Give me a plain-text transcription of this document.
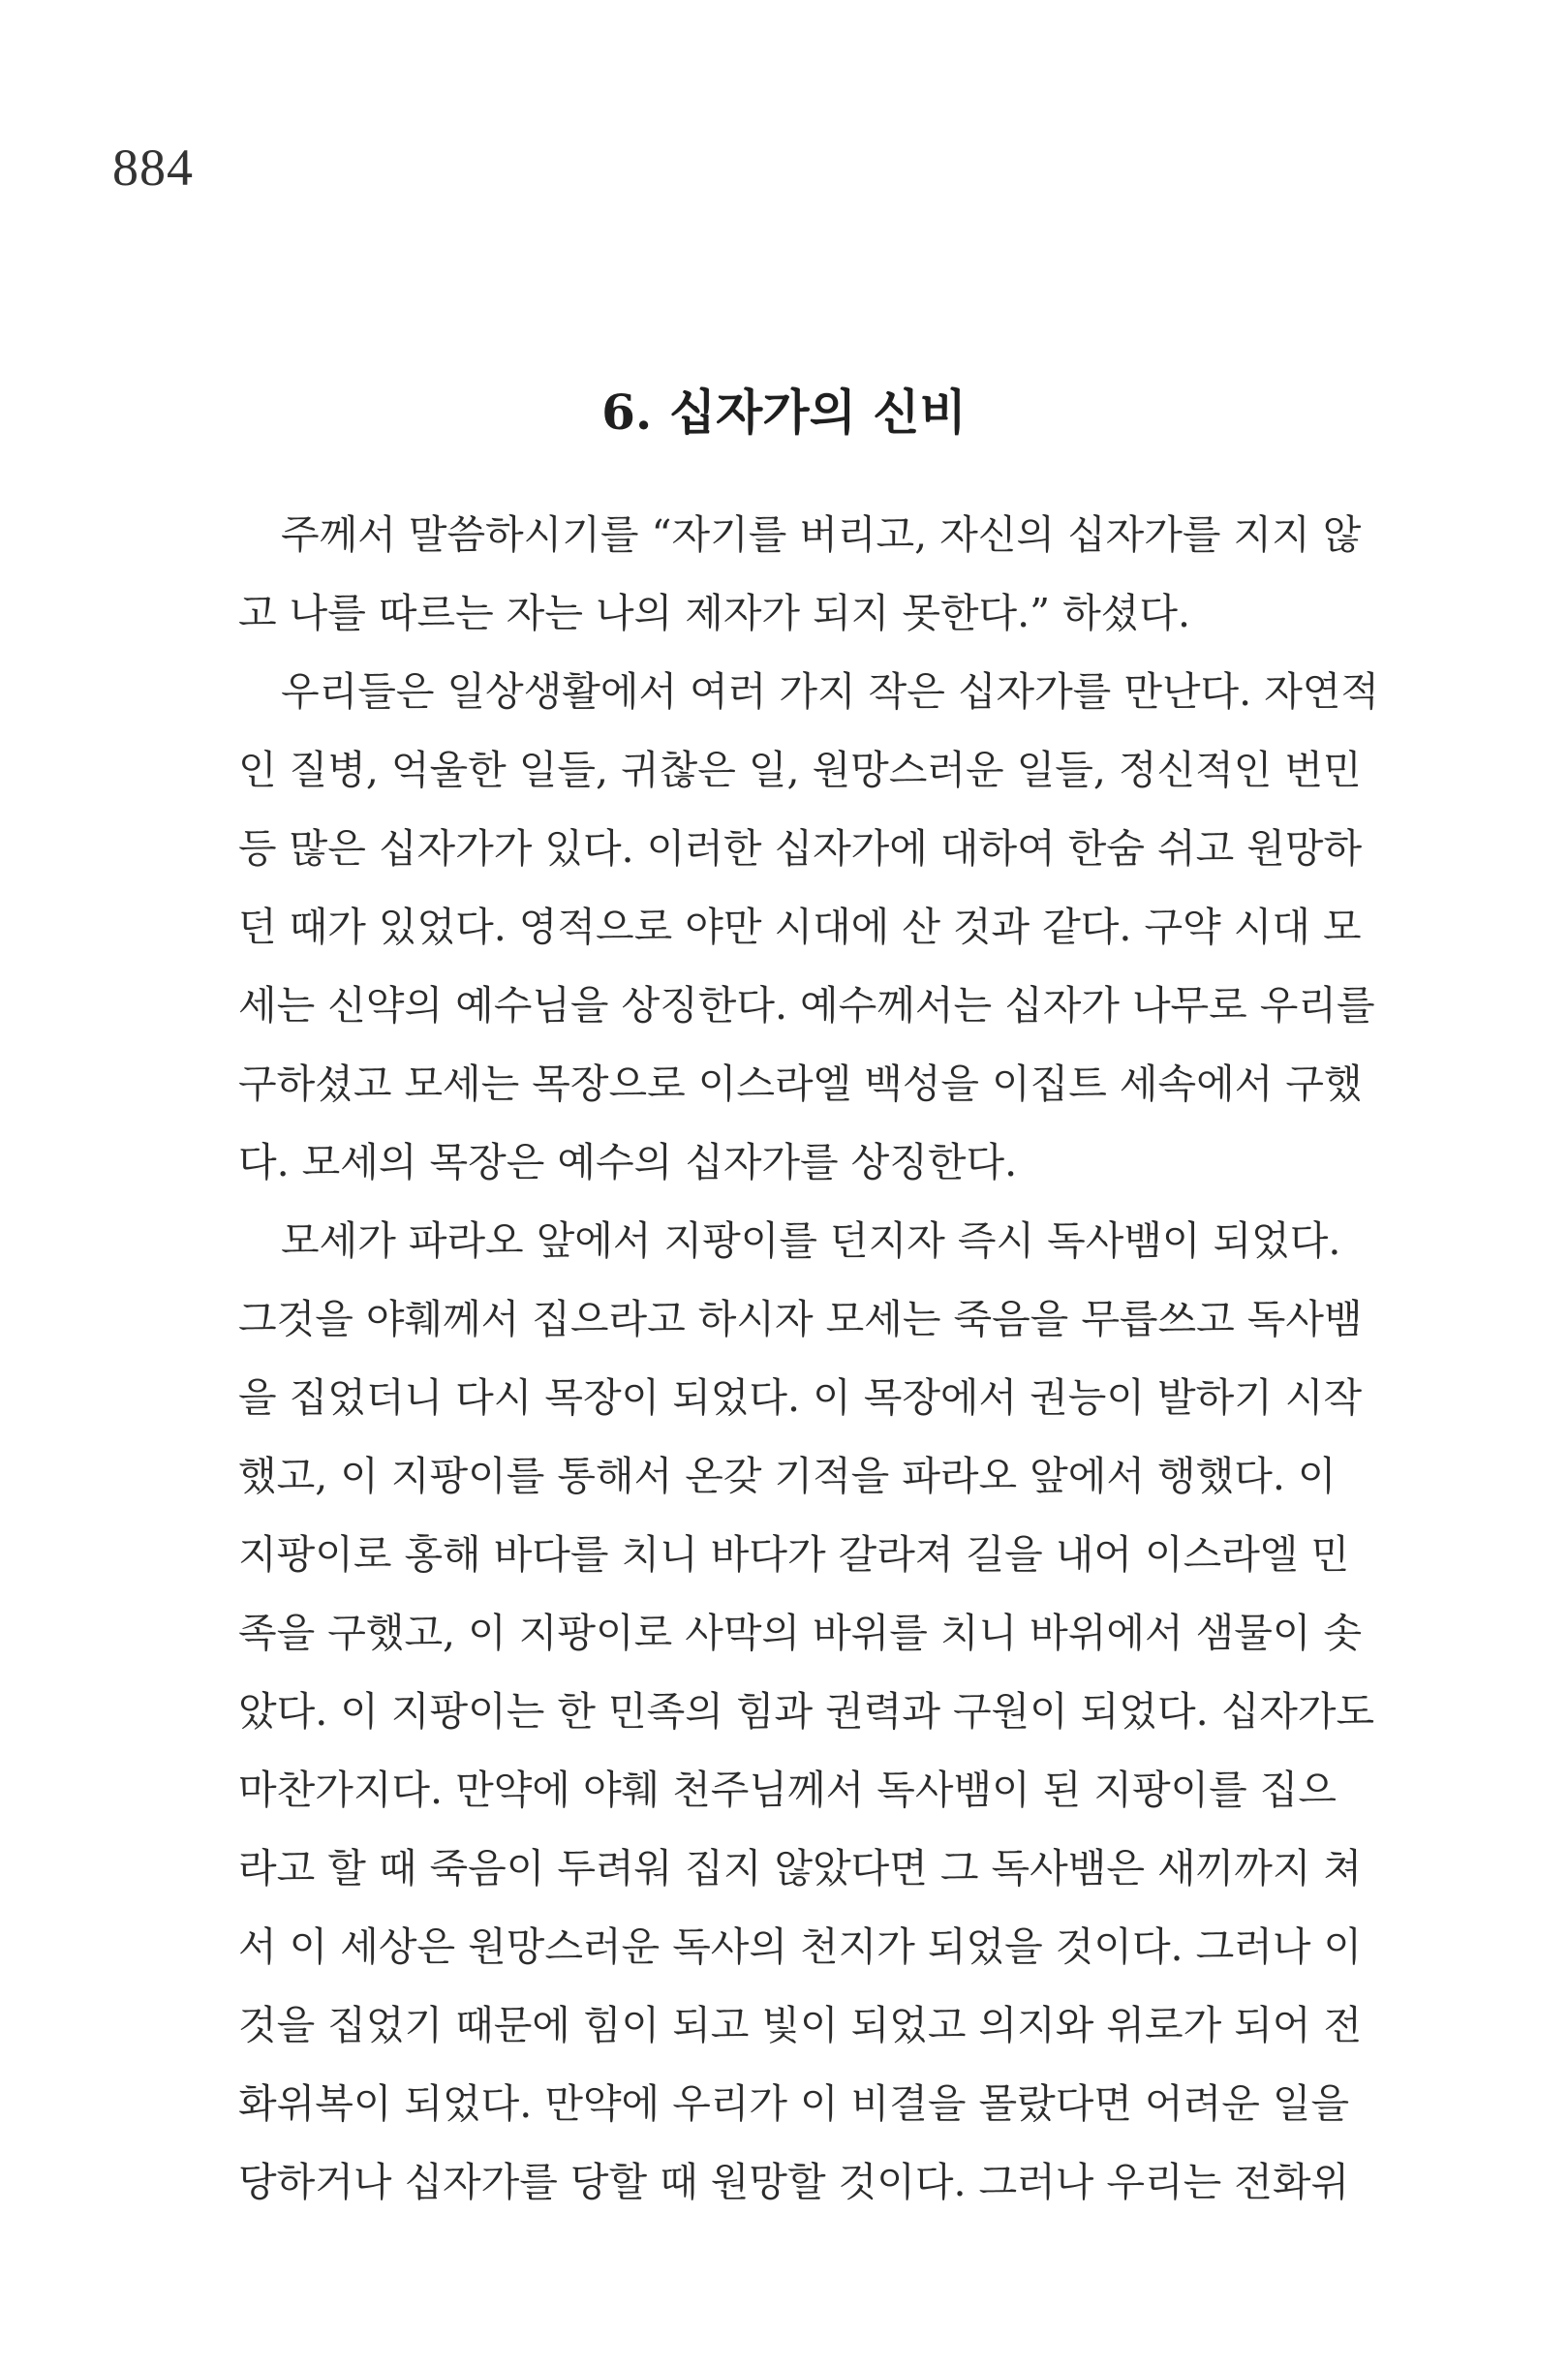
884
6. 십자가의 신비
주께서 말씀하시기를 “자기를 버리고, 자신의 십자가를 지지 않
고 나를 따르는 자는 나의 제자가 되지 못한다.” 하셨다.
우리들은 일상생활에서 여러 가지 작은 십자가를 만난다. 자연적
인 질병, 억울한 일들, 귀찮은 일, 원망스러운 일들, 정신적인 번민
등 많은 십자가가 있다. 이러한 십자가에 대하여 한숨 쉬고 원망하
던 때가 있었다. 영적으로 야만 시대에 산 것과 같다. 구약 시대 모
세는 신약의 예수님을 상징한다. 예수께서는 십자가 나무로 우리를
구하셨고 모세는 목장으로 이스라엘 백성을 이집트 세속에서 구했
다. 모세의 목장은 예수의 십자가를 상징한다.
모세가 파라오 앞에서 지팡이를 던지자 즉시 독사뱀이 되었다.
그것을 야훼께서 집으라고 하시자 모세는 죽음을 무릅쓰고 독사뱀
을 집었더니 다시 목장이 되었다. 이 목장에서 권능이 발하기 시작
했고, 이 지팡이를 통해서 온갖 기적을 파라오 앞에서 행했다. 이
지팡이로 홍해 바다를 치니 바다가 갈라져 길을 내어 이스라엘 민
족을 구했고, 이 지팡이로 사막의 바위를 치니 바위에서 샘물이 솟
았다. 이 지팡이는 한 민족의 힘과 권력과 구원이 되었다. 십자가도
마찬가지다. 만약에 야훼 천주님께서 독사뱀이 된 지팡이를 집으
라고 할 때 죽음이 두려워 집지 않았다면 그 독사뱀은 새끼까지 쳐
서 이 세상은 원망스러운 독사의 천지가 되었을 것이다. 그러나 이
것을 집었기 때문에 힘이 되고 빛이 되었고 의지와 위로가 되어 전
화위복이 되었다. 만약에 우리가 이 비결을 몰랐다면 어려운 일을
당하거나 십자가를 당할 때 원망할 것이다. 그러나 우리는 전화위
